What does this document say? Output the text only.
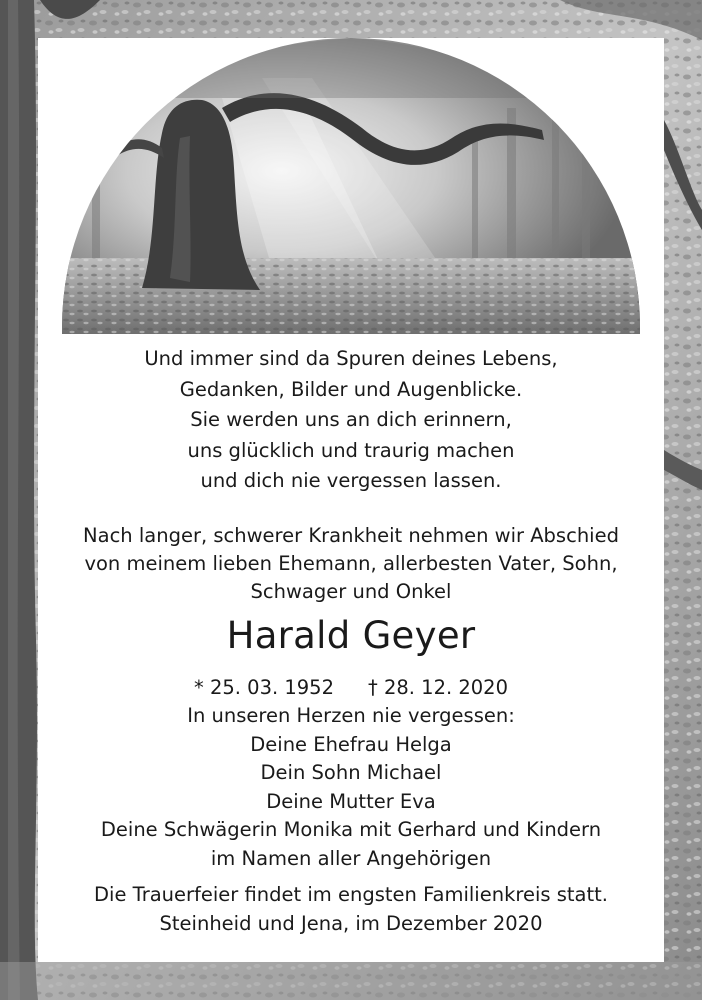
Und immer sind da Spuren deines Lebens,
Gedanken, Bilder und Augenblicke.
Sie werden uns an dich erinnern,
uns glücklich und traurig machen
und dich nie vergessen lassen.
Nach langer, schwerer Krankheit nehmen wir Abschied
von meinem lieben Ehemann, allerbesten Vater, Sohn,
Schwager und Onkel
Harald Geyer
* 25. 03. 1952 † 28. 12. 2020
In unseren Herzen nie vergessen:
Deine Ehefrau Helga
Dein Sohn Michael
Deine Mutter Eva
Deine Schwägerin Monika mit Gerhard und Kindern
im Namen aller Angehörigen
Die Trauerfeier findet im engsten Familienkreis statt.
Steinheid und Jena, im Dezember 2020
